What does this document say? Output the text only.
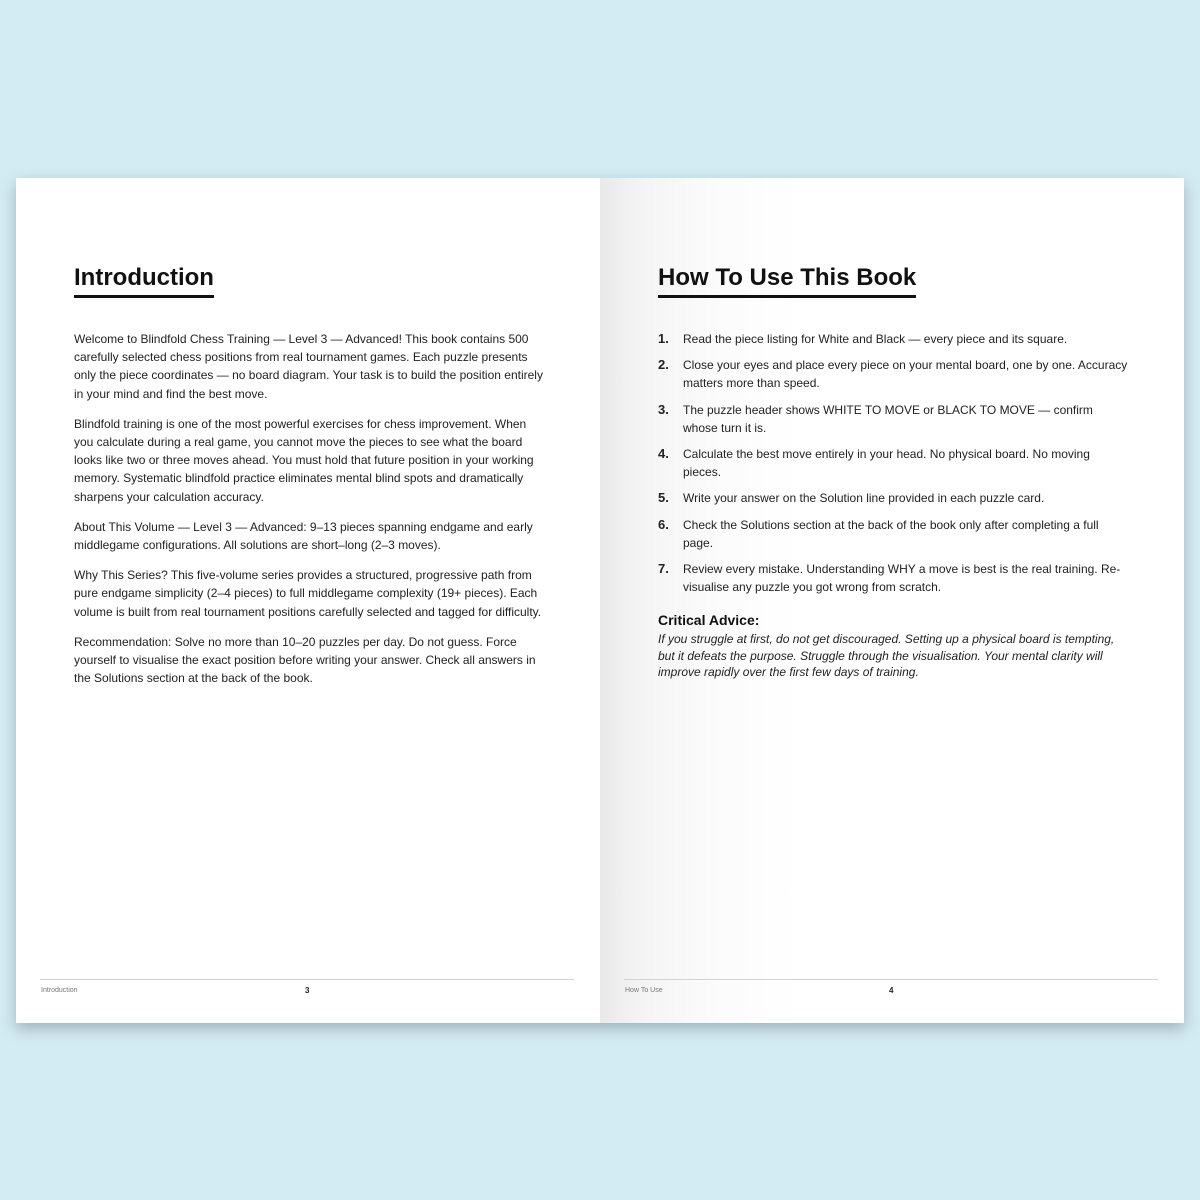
Introduction

Welcome to Blindfold Chess Training — Level 3 — Advanced! This book contains 500 carefully selected chess positions from real tournament games. Each puzzle presents only the piece coordinates — no board diagram. Your task is to build the position entirely in your mind and find the best move.

Blindfold training is one of the most powerful exercises for chess improvement. When you calculate during a real game, you cannot move the pieces to see what the board looks like two or three moves ahead. You must hold that future position in your working memory. Systematic blindfold practice eliminates mental blind spots and dramatically sharpens your calculation accuracy.

About This Volume — Level 3 — Advanced: 9–13 pieces spanning endgame and early middlegame configurations. All solutions are short–long (2–3 moves).

Why This Series? This five-volume series provides a structured, progressive path from pure endgame simplicity (2–4 pieces) to full middlegame complexity (19+ pieces). Each volume is built from real tournament positions carefully selected and tagged for difficulty.

Recommendation: Solve no more than 10–20 puzzles per day. Do not guess. Force yourself to visualise the exact position before writing your answer. Check all answers in the Solutions section at the back of the book.

Introduction	3
How To Use This Book
1.	Read the piece listing for White and Black — every piece and its square.
2.	Close your eyes and place every piece on your mental board, one by one. Accuracy matters more than speed.
3.	The puzzle header shows WHITE TO MOVE or BLACK TO MOVE — confirm whose turn it is.
4.	Calculate the best move entirely in your head. No physical board. No moving pieces.
5.	Write your answer on the Solution line provided in each puzzle card.
6.	Check the Solutions section at the back of the book only after completing a full page.
7.	Review every mistake. Understanding WHY a move is best is the real training. Re-visualise any puzzle you got wrong from scratch.
Critical Advice:

If you struggle at first, do not get discouraged. Setting up a physical board is tempting, but it defeats the purpose. Struggle through the visualisation. Your mental clarity will improve rapidly over the first few days of training.

How To Use	4
